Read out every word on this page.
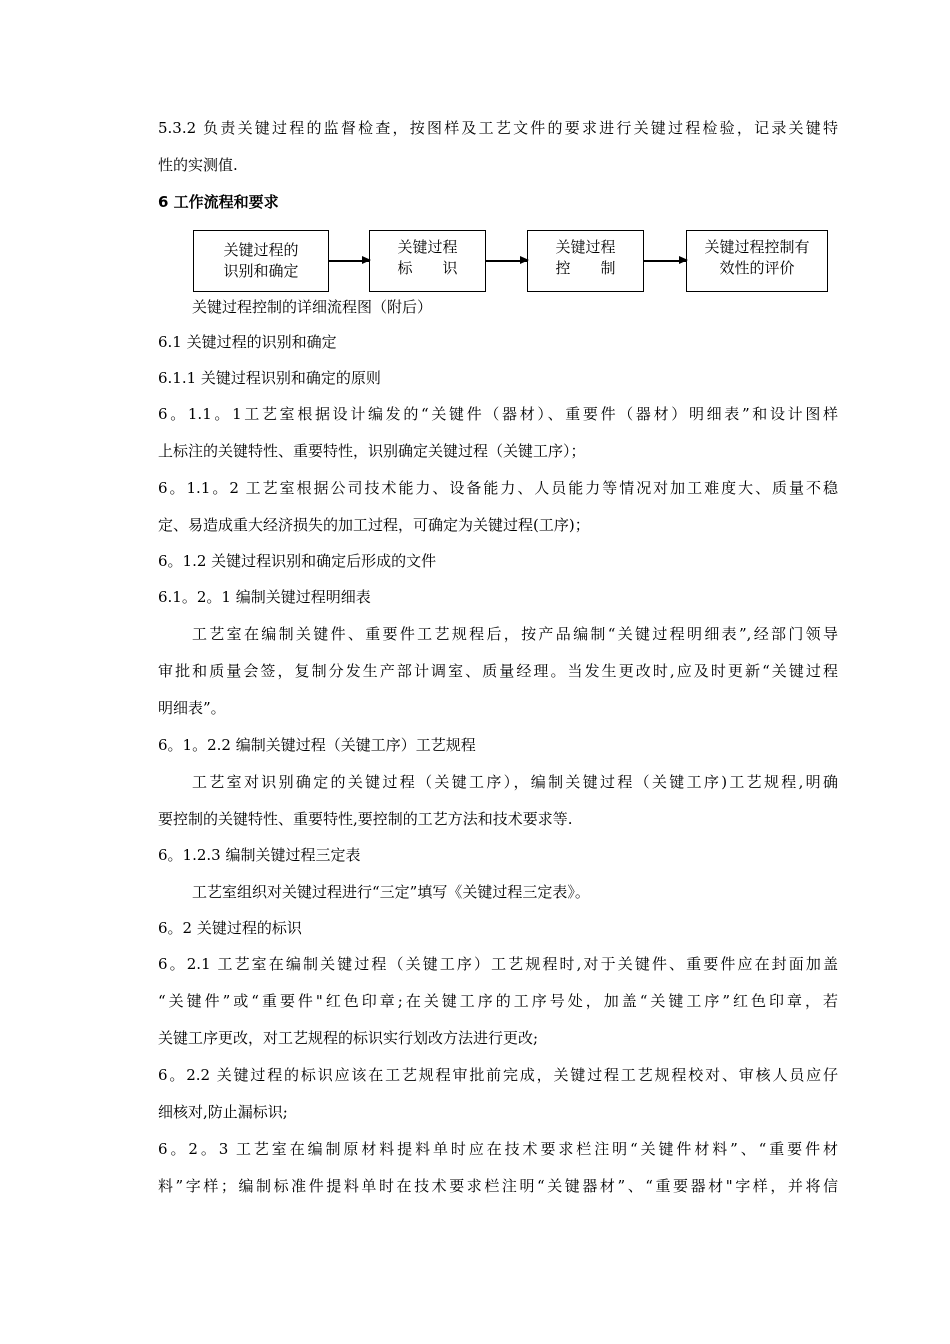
5.3.2 负责关键过程的监督检查，按图样及工艺文件的要求进行关键过程检验，记录关键特
性的实测值.
6 工作流程和要求
关键过程的
识别和确定
关键过程
标　　识
关键过程
控　　制
关键过程控制有
效性的评价
关键过程控制的详细流程图（附后）
6.1 关键过程的识别和确定
6.1.1 关键过程识别和确定的原则
6。1.1。1工艺室根据设计编发的“关键件（器材）、重要件（器材）明细表”和设计图样
上标注的关键特性、重要特性，识别确定关键过程（关键工序）；
6。1.1。2 工艺室根据公司技术能力、设备能力、人员能力等情况对加工难度大、质量不稳
定、易造成重大经济损失的加工过程，可确定为关键过程(工序)；
6。1.2 关键过程识别和确定后形成的文件
6.1。2。1 编制关键过程明细表
工艺室在编制关键件、重要件工艺规程后，按产品编制“关键过程明细表”,经部门领导
审批和质量会签，复制分发生产部计调室、质量经理。当发生更改时,应及时更新“关键过程
明细表”。
6。1。2.2 编制关键过程（关键工序）工艺规程
工艺室对识别确定的关键过程（关键工序），编制关键过程（关键工序)工艺规程,明确
要控制的关键特性、重要特性,要控制的工艺方法和技术要求等.
6。1.2.3 编制关键过程三定表
工艺室组织对关键过程进行“三定”填写《关键过程三定表》。
6。2 关键过程的标识
6。2.1 工艺室在编制关键过程（关键工序）工艺规程时,对于关键件、重要件应在封面加盖
“关键件”或“重要件"红色印章;在关键工序的工序号处，加盖“关键工序”红色印章，若
关键工序更改，对工艺规程的标识实行划改方法进行更改;
6。2.2 关键过程的标识应该在工艺规程审批前完成，关键过程工艺规程校对、审核人员应仔
细核对,防止漏标识;
6。2。3 工艺室在编制原材料提料单时应在技术要求栏注明“关键件材料”、“重要件材
料”字样；编制标准件提料单时在技术要求栏注明“关键器材”、“重要器材"字样，并将信
